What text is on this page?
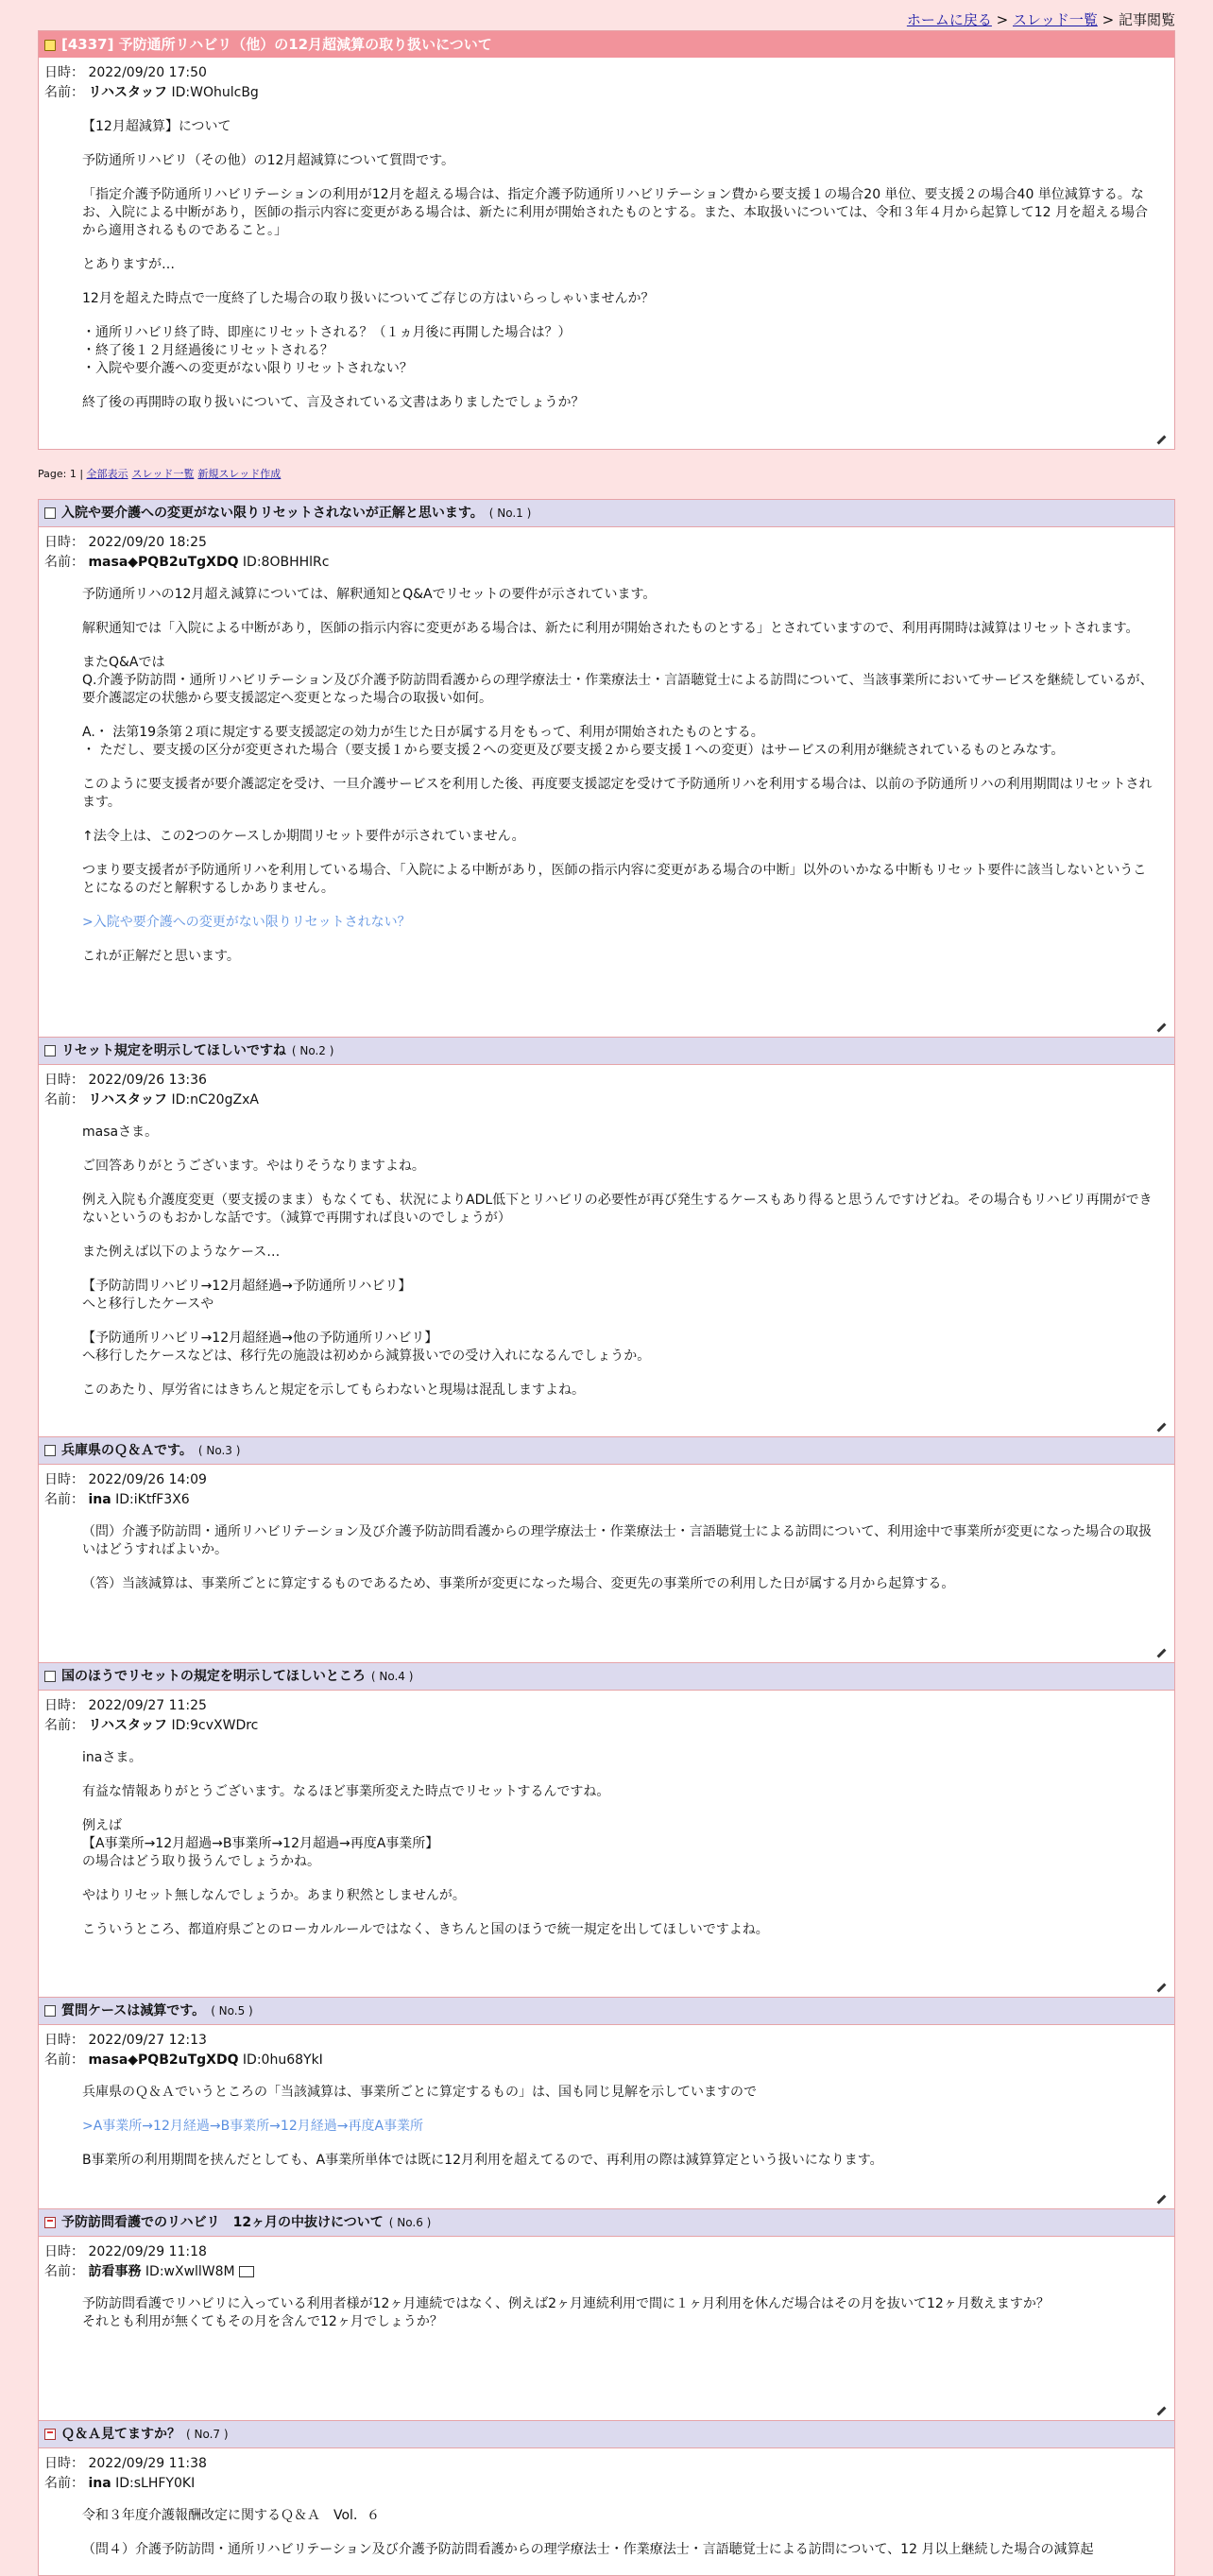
ホームに戻る > スレッド一覧 > 記事閲覧
[4337] 予防通所リハビリ（他）の12月超減算の取り扱いについて
日時： 2022/09/20 17:50
名前： リハスタッフ ID:WOhulcBg

【12月超減算】について

予防通所リハビリ（その他）の12月超減算について質問です。

「指定介護予防通所リハビリテーションの利用が12月を超える場合は、指定介護予防通所リハビリテーション費から要支援１の場合20 単位、要支援２の場合40 単位減算する。なお、入院による中断があり，医師の指示内容に変更がある場合は、新たに利用が開始されたものとする。また、本取扱いについては、令和３年４月から起算して12 月を超える場合から適用されるものであること。」

とありますが…

12月を超えた時点で一度終了した場合の取り扱いについてご存じの方はいらっしゃいませんか？

・通所リハビリ終了時、即座にリセットされる？（１ヵ月後に再開した場合は？）
・終了後１２月経過後にリセットされる？
・入院や要介護への変更がない限りリセットされない？

終了後の再開時の取り扱いについて、言及されている文書はありましたでしょうか？

Page: 1 | 全部表示 スレッド一覧 新規スレッド作成
入院や要介護への変更がない限りリセットされないが正解と思います。 ( No.1 )
日時： 2022/09/20 18:25
名前： masa◆PQB2uTgXDQ ID:8OBHHlRc

予防通所リハの12月超え減算については、解釈通知とQ&Aでリセットの要件が示されています。

解釈通知では「入院による中断があり，医師の指示内容に変更がある場合は、新たに利用が開始されたものとする」とされていますので、利用再開時は減算はリセットされます。

またQ&Aでは
Q.介護予防訪問・通所リハビリテーション及び介護予防訪問看護からの理学療法士・作業療法士・言語聴覚士による訪問について、当該事業所においてサービスを継続しているが、要介護認定の状態から要支援認定へ変更となった場合の取扱い如何。

A.・ 法第19条第２項に規定する要支援認定の効力が生じた日が属する月をもって、利用が開始されたものとする。
・ ただし、要支援の区分が変更された場合（要支援１から要支援２への変更及び要支援２から要支援１への変更）はサービスの利用が継続されているものとみなす。

このように要支援者が要介護認定を受け、一旦介護サービスを利用した後、再度要支援認定を受けて予防通所リハを利用する場合は、以前の予防通所リハの利用期間はリセットされます。

↑法令上は、この2つのケースしか期間リセット要件が示されていません。

つまり要支援者が予防通所リハを利用している場合、「入院による中断があり，医師の指示内容に変更がある場合の中断」以外のいかなる中断もリセット要件に該当しないということになるのだと解釈するしかありません。

>入院や要介護への変更がない限りリセットされない？

これが正解だと思います。

リセット規定を明示してほしいですね ( No.2 )
日時： 2022/09/26 13:36
名前： リハスタッフ ID:nC20gZxA

masaさま。

ご回答ありがとうございます。やはりそうなりますよね。

例え入院も介護度変更（要支援のまま）もなくても、状況によりADL低下とリハビリの必要性が再び発生するケースもあり得ると思うんですけどね。その場合もリハビリ再開ができないというのもおかしな話です。（減算で再開すれば良いのでしょうが）

また例えば以下のようなケース…

【予防訪問リハビリ→12月超経過→予防通所リハビリ】
へと移行したケースや

【予防通所リハビリ→12月超経過→他の予防通所リハビリ】
へ移行したケースなどは、移行先の施設は初めから減算扱いでの受け入れになるんでしょうか。

このあたり、厚労省にはきちんと規定を示してもらわないと現場は混乱しますよね。

兵庫県のＱ＆Ａです。 ( No.3 )
日時： 2022/09/26 14:09
名前： ina ID:iKtfF3X6

（問）介護予防訪問・通所リハビリテーション及び介護予防訪問看護からの理学療法士・作業療法士・言語聴覚士による訪問について、利用途中で事業所が変更になった場合の取扱いはどうすればよいか。

（答）当該減算は、事業所ごとに算定するものであるため、事業所が変更になった場合、変更先の事業所での利用した日が属する月から起算する。

国のほうでリセットの規定を明示してほしいところ ( No.4 )
日時： 2022/09/27 11:25
名前： リハスタッフ ID:9cvXWDrc

inaさま。

有益な情報ありがとうございます。なるほど事業所変えた時点でリセットするんですね。

例えば
【A事業所→12月超過→B事業所→12月超過→再度A事業所】
の場合はどう取り扱うんでしょうかね。

やはりリセット無しなんでしょうか。あまり釈然としませんが。

こういうところ、都道府県ごとのローカルルールではなく、きちんと国のほうで統一規定を出してほしいですよね。

質問ケースは減算です。 ( No.5 )
日時： 2022/09/27 12:13
名前： masa◆PQB2uTgXDQ ID:0hu68YkI

兵庫県のＱ＆Ａでいうところの「当該減算は、事業所ごとに算定するもの」は、国も同じ見解を示していますので

>A事業所→12月経過→B事業所→12月経過→再度A事業所

B事業所の利用期間を挟んだとしても、A事業所単体では既に12月利用を超えてるので、再利用の際は減算算定という扱いになります。

予防訪問看護でのリハビリ　12ヶ月の中抜けについて ( No.6 )
日時： 2022/09/29 11:18
名前： 訪看事務 ID:wXwllW8M

予防訪問看護でリハビリに入っている利用者様が12ヶ月連続ではなく、例えば2ヶ月連続利用で間に１ヶ月利用を休んだ場合はその月を抜いて12ヶ月数えますか？
それとも利用が無くてもその月を含んで12ヶ月でしょうか？

Ｑ＆Ａ見てますか？ ( No.7 )
日時： 2022/09/29 11:38
名前： ina ID:sLHFY0KI

令和３年度介護報酬改定に関するＱ＆Ａ　Vol．６

（問４）介護予防訪問・通所リハビリテーション及び介護予防訪問看護からの理学療法士・作業療法士・言語聴覚士による訪問について、12 月以上継続した場合の減算起
